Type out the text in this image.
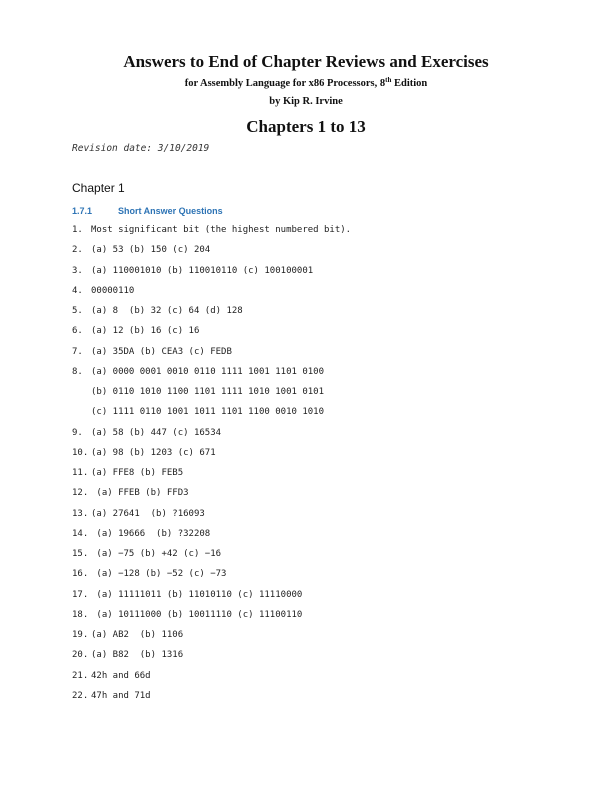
Answers to End of Chapter Reviews and Exercises

for Assembly Language for x86 Processors, 8th Edition

by Kip R. Irvine

Chapters 1 to 13

Revision date: 3/10/2019

Chapter 1
1.7.1	Short Answer Questions
1. Most significant bit (the highest numbered bit).
2. (a) 53 (b) 150 (c) 204
3. (a) 110001010 (b) 110010110 (c) 100100001
4. 00000110
5. (a) 8  (b) 32 (c) 64 (d) 128
6. (a) 12 (b) 16 (c) 16
7. (a) 35DA (b) CEA3 (c) FEDB
8. (a) 0000 0001 0010 0110 1111 1001 1101 0100
(b) 0110 1010 1100 1101 1111 1010 1001 0101
(c) 1111 0110 1001 1011 1101 1100 0010 1010
9. (a) 58 (b) 447 (c) 16534
10. (a) 98 (b) 1203 (c) 671
11. (a) FFE8 (b) FEB5
12. (a) FFEB (b) FFD3
13. (a) 27641  (b) ?16093
14. (a) 19666  (b) ?32208
15. (a) −75 (b) +42 (c) −16
16. (a) −128 (b) −52 (c) −73
17. (a) 11111011 (b) 11010110 (c) 11110000
18. (a) 10111000 (b) 10011110 (c) 11100110
19. (a) AB2  (b) 1106
20. (a) B82  (b) 1316
21. 42h and 66d
22. 47h and 71d
